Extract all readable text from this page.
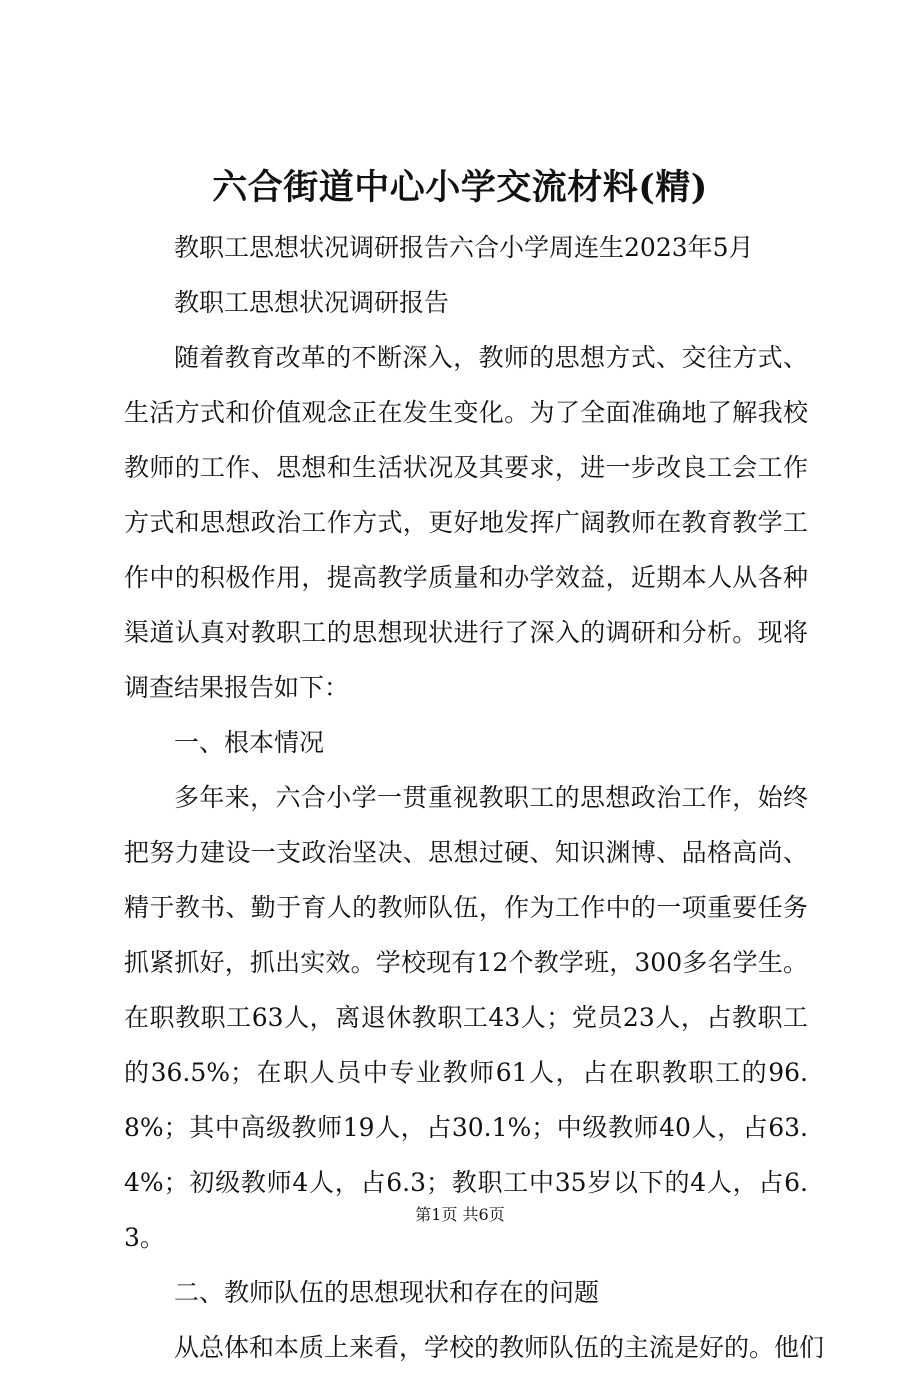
六合街道中心小学交流材料(精)

教职工思想状况调研报告六合小学周连生2023年5月

教职工思想状况调研报告

随着教育改革的不断深入，教师的思想方式、交往方式、生活方式和价值观念正在发生变化。为了全面准确地了解我校教师的工作、思想和生活状况及其要求，进一步改良工会工作方式和思想政治工作方式，更好地发挥广阔教师在教育教学工作中的积极作用，提高教学质量和办学效益，近期本人从各种渠道认真对教职工的思想现状进行了深入的调研和分析。现将调查结果报告如下：

一、根本情况

多年来，六合小学一贯重视教职工的思想政治工作，始终把努力建设一支政治坚决、思想过硬、知识渊博、品格高尚、精于教书、勤于育人的教师队伍，作为工作中的一项重要任务抓紧抓好，抓出实效。学校现有12个教学班，300多名学生。在职教职工63人，离退休教职工43人；党员23人，占教职工的36.5%；在职人员中专业教师61人，占在职教职工的96.8%；其中高级教师19人，占30.1%；中级教师40人，占63.4%；初级教师4人，占6.3；教职工中35岁以下的4人，占6.3。

二、教师队伍的思想现状和存在的问题

从总体和本质上来看，学校的教师队伍的主流是好的。他们

第1页 共6页
